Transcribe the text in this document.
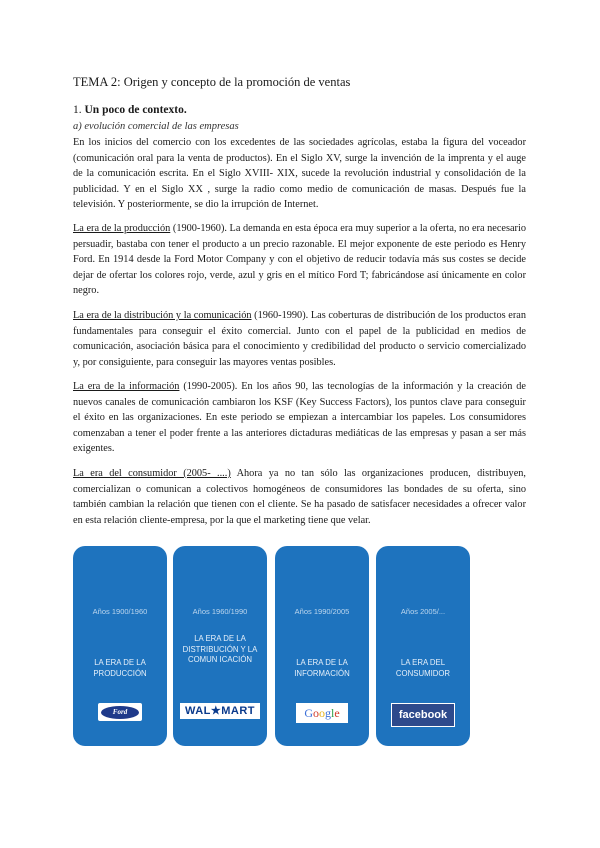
TEMA 2: Origen y concepto de la promoción de ventas
1. Un poco de contexto.
a) evolución comercial de las empresas

En los inicios del comercio con los excedentes de las sociedades agrícolas, estaba la figura del voceador (comunicación oral para la venta de productos). En el Siglo XV, surge la invención de la imprenta y el auge de la comunicación escrita. En el Siglo XVIII- XIX, sucede la revolución industrial y consolidación de la publicidad. Y en el Siglo XX , surge la radio como medio de comunicación de masas. Después fue la televisión. Y posteriormente, se dio la irrupción de Internet.

La era de la producción (1900-1960). La demanda en esta época era muy superior a la oferta, no era necesario persuadir, bastaba con tener el producto a un precio razonable. El mejor exponente de este periodo es Henry Ford. En 1914 desde la Ford Motor Company y con el objetivo de reducir todavía más sus costes se decide dejar de ofertar los colores rojo, verde, azul y gris en el mítico Ford T; fabricándose así únicamente en color negro.

La era de la distribución y la comunicación (1960-1990). Las coberturas de distribución de los productos eran fundamentales para conseguir el éxito comercial. Junto con el papel de la publicidad en medios de comunicación, asociación básica para el conocimiento y credibilidad del producto o servicio comercializado y, por consiguiente, para conseguir las mayores ventas posibles.

La era de la información (1990-2005). En los años 90, las tecnologías de la información y la creación de nuevos canales de comunicación cambiaron los KSF (Key Success Factors), los puntos clave para conseguir el éxito en las organizaciones. En este periodo se empiezan a intercambiar los papeles. Los consumidores comenzaban a tener el poder frente a las anteriores dictaduras mediáticas de las empresas y pasan a ser más exigentes.

La era del consumidor (2005- ....) Ahora ya no tan sólo las organizaciones producen, distribuyen, comercializan o comunican a colectivos homogéneos de consumidores las bondades de su oferta, sino también cambian la relación que tienen con el cliente. Se ha pasado de satisfacer necesidades a ofrecer valor en esta relación cliente-empresa, por la que el marketing tiene que velar.

Años 1900/1960
LA ERA DE LA PRODUCCIÓN
Ford
Años 1960/1990
LA ERA DE LA DISTRIBUCIÓN Y LA COMUN ICACIÓN
WAL★MART
Años 1990/2005
LA ERA DE LA INFORMACIÓN
G o o g l e
Años 2005/...
LA ERA DEL CONSUMIDOR
facebook
